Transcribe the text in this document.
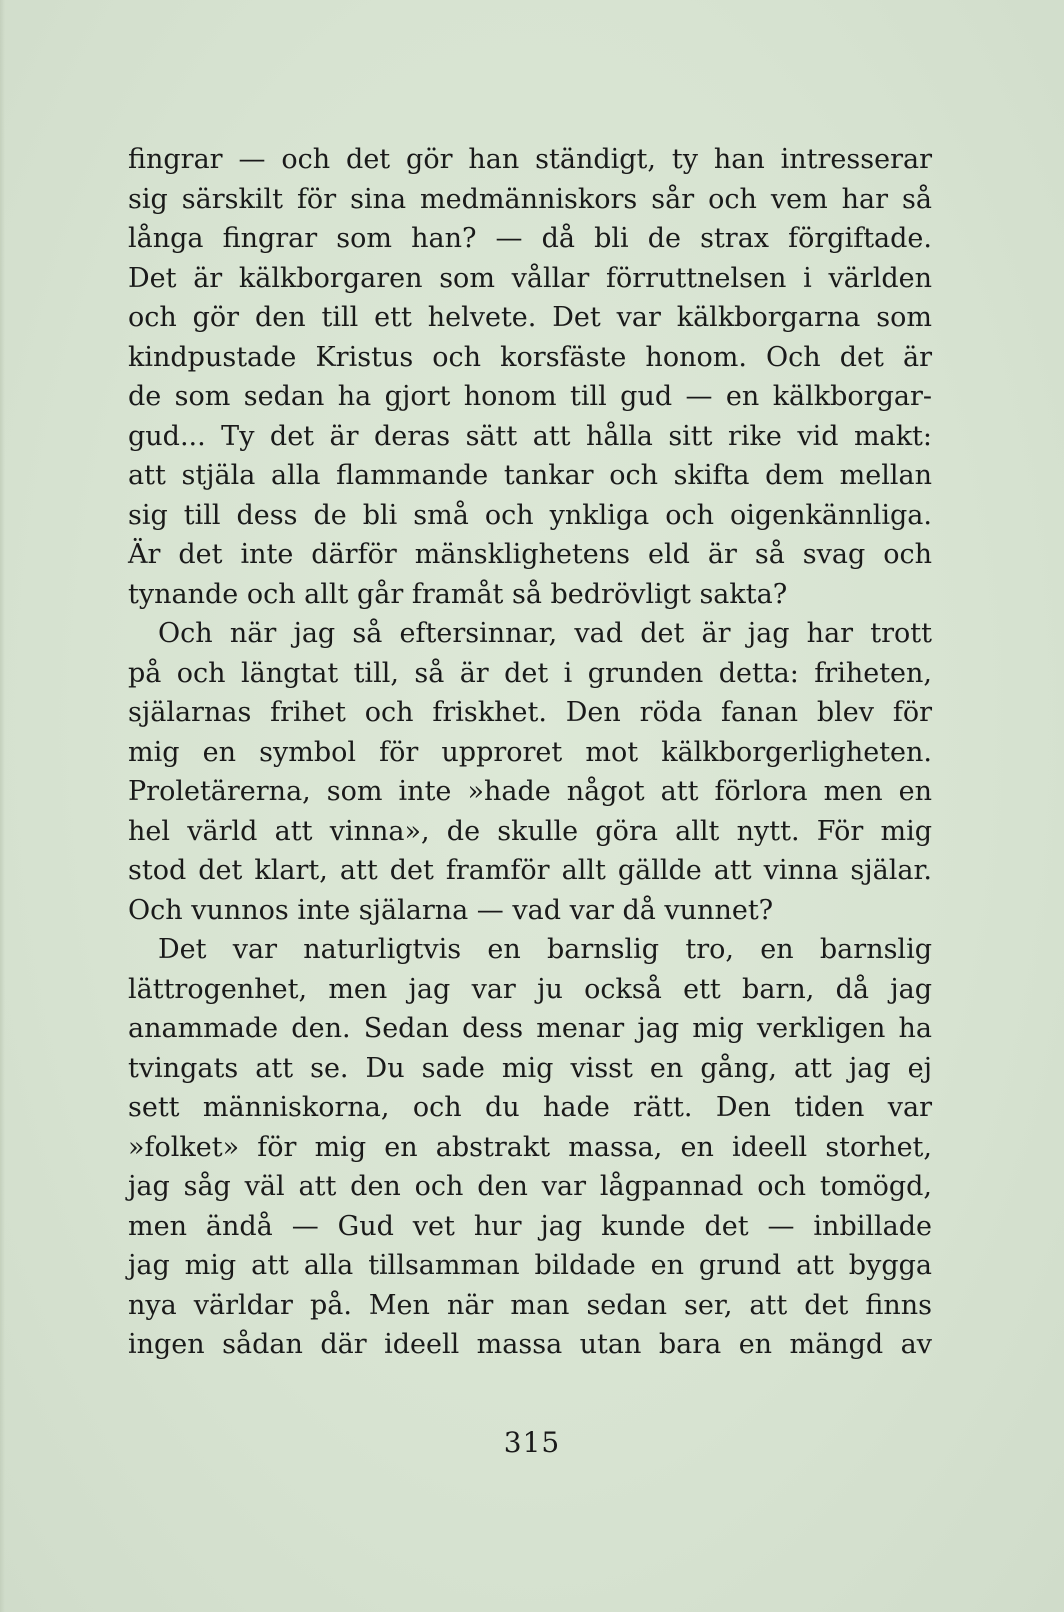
fingrar — och det gör han ständigt, ty han intresserar
sig särskilt för sina medmänniskors sår och vem har så
långa fingrar som han? — då bli de strax förgiftade.
Det är kälkborgaren som vållar förruttnelsen i världen
och gör den till ett helvete. Det var kälkborgarna som
kindpustade Kristus och korsfäste honom. Och det är
de som sedan ha gjort honom till gud — en kälkborgar-
gud... Ty det är deras sätt att hålla sitt rike vid makt:
att stjäla alla flammande tankar och skifta dem mellan
sig till dess de bli små och ynkliga och oigenkännliga.
Är det inte därför mänsklighetens eld är så svag och
tynande och allt går framåt så bedrövligt sakta?
Och när jag så eftersinnar, vad det är jag har trott
på och längtat till, så är det i grunden detta: friheten,
själarnas frihet och friskhet. Den röda fanan blev för
mig en symbol för upproret mot kälkborgerligheten.
Proletärerna, som inte »hade något att förlora men en
hel värld att vinna», de skulle göra allt nytt. För mig
stod det klart, att det framför allt gällde att vinna själar.
Och vunnos inte själarna — vad var då vunnet?
Det var naturligtvis en barnslig tro, en barnslig
lättrogenhet, men jag var ju också ett barn, då jag
anammade den. Sedan dess menar jag mig verkligen ha
tvingats att se. Du sade mig visst en gång, att jag ej
sett människorna, och du hade rätt. Den tiden var
»folket» för mig en abstrakt massa, en ideell storhet,
jag såg väl att den och den var lågpannad och tomögd,
men ändå — Gud vet hur jag kunde det — inbillade
jag mig att alla tillsamman bildade en grund att bygga
nya världar på. Men när man sedan ser, att det finns
ingen sådan där ideell massa utan bara en mängd av
315
